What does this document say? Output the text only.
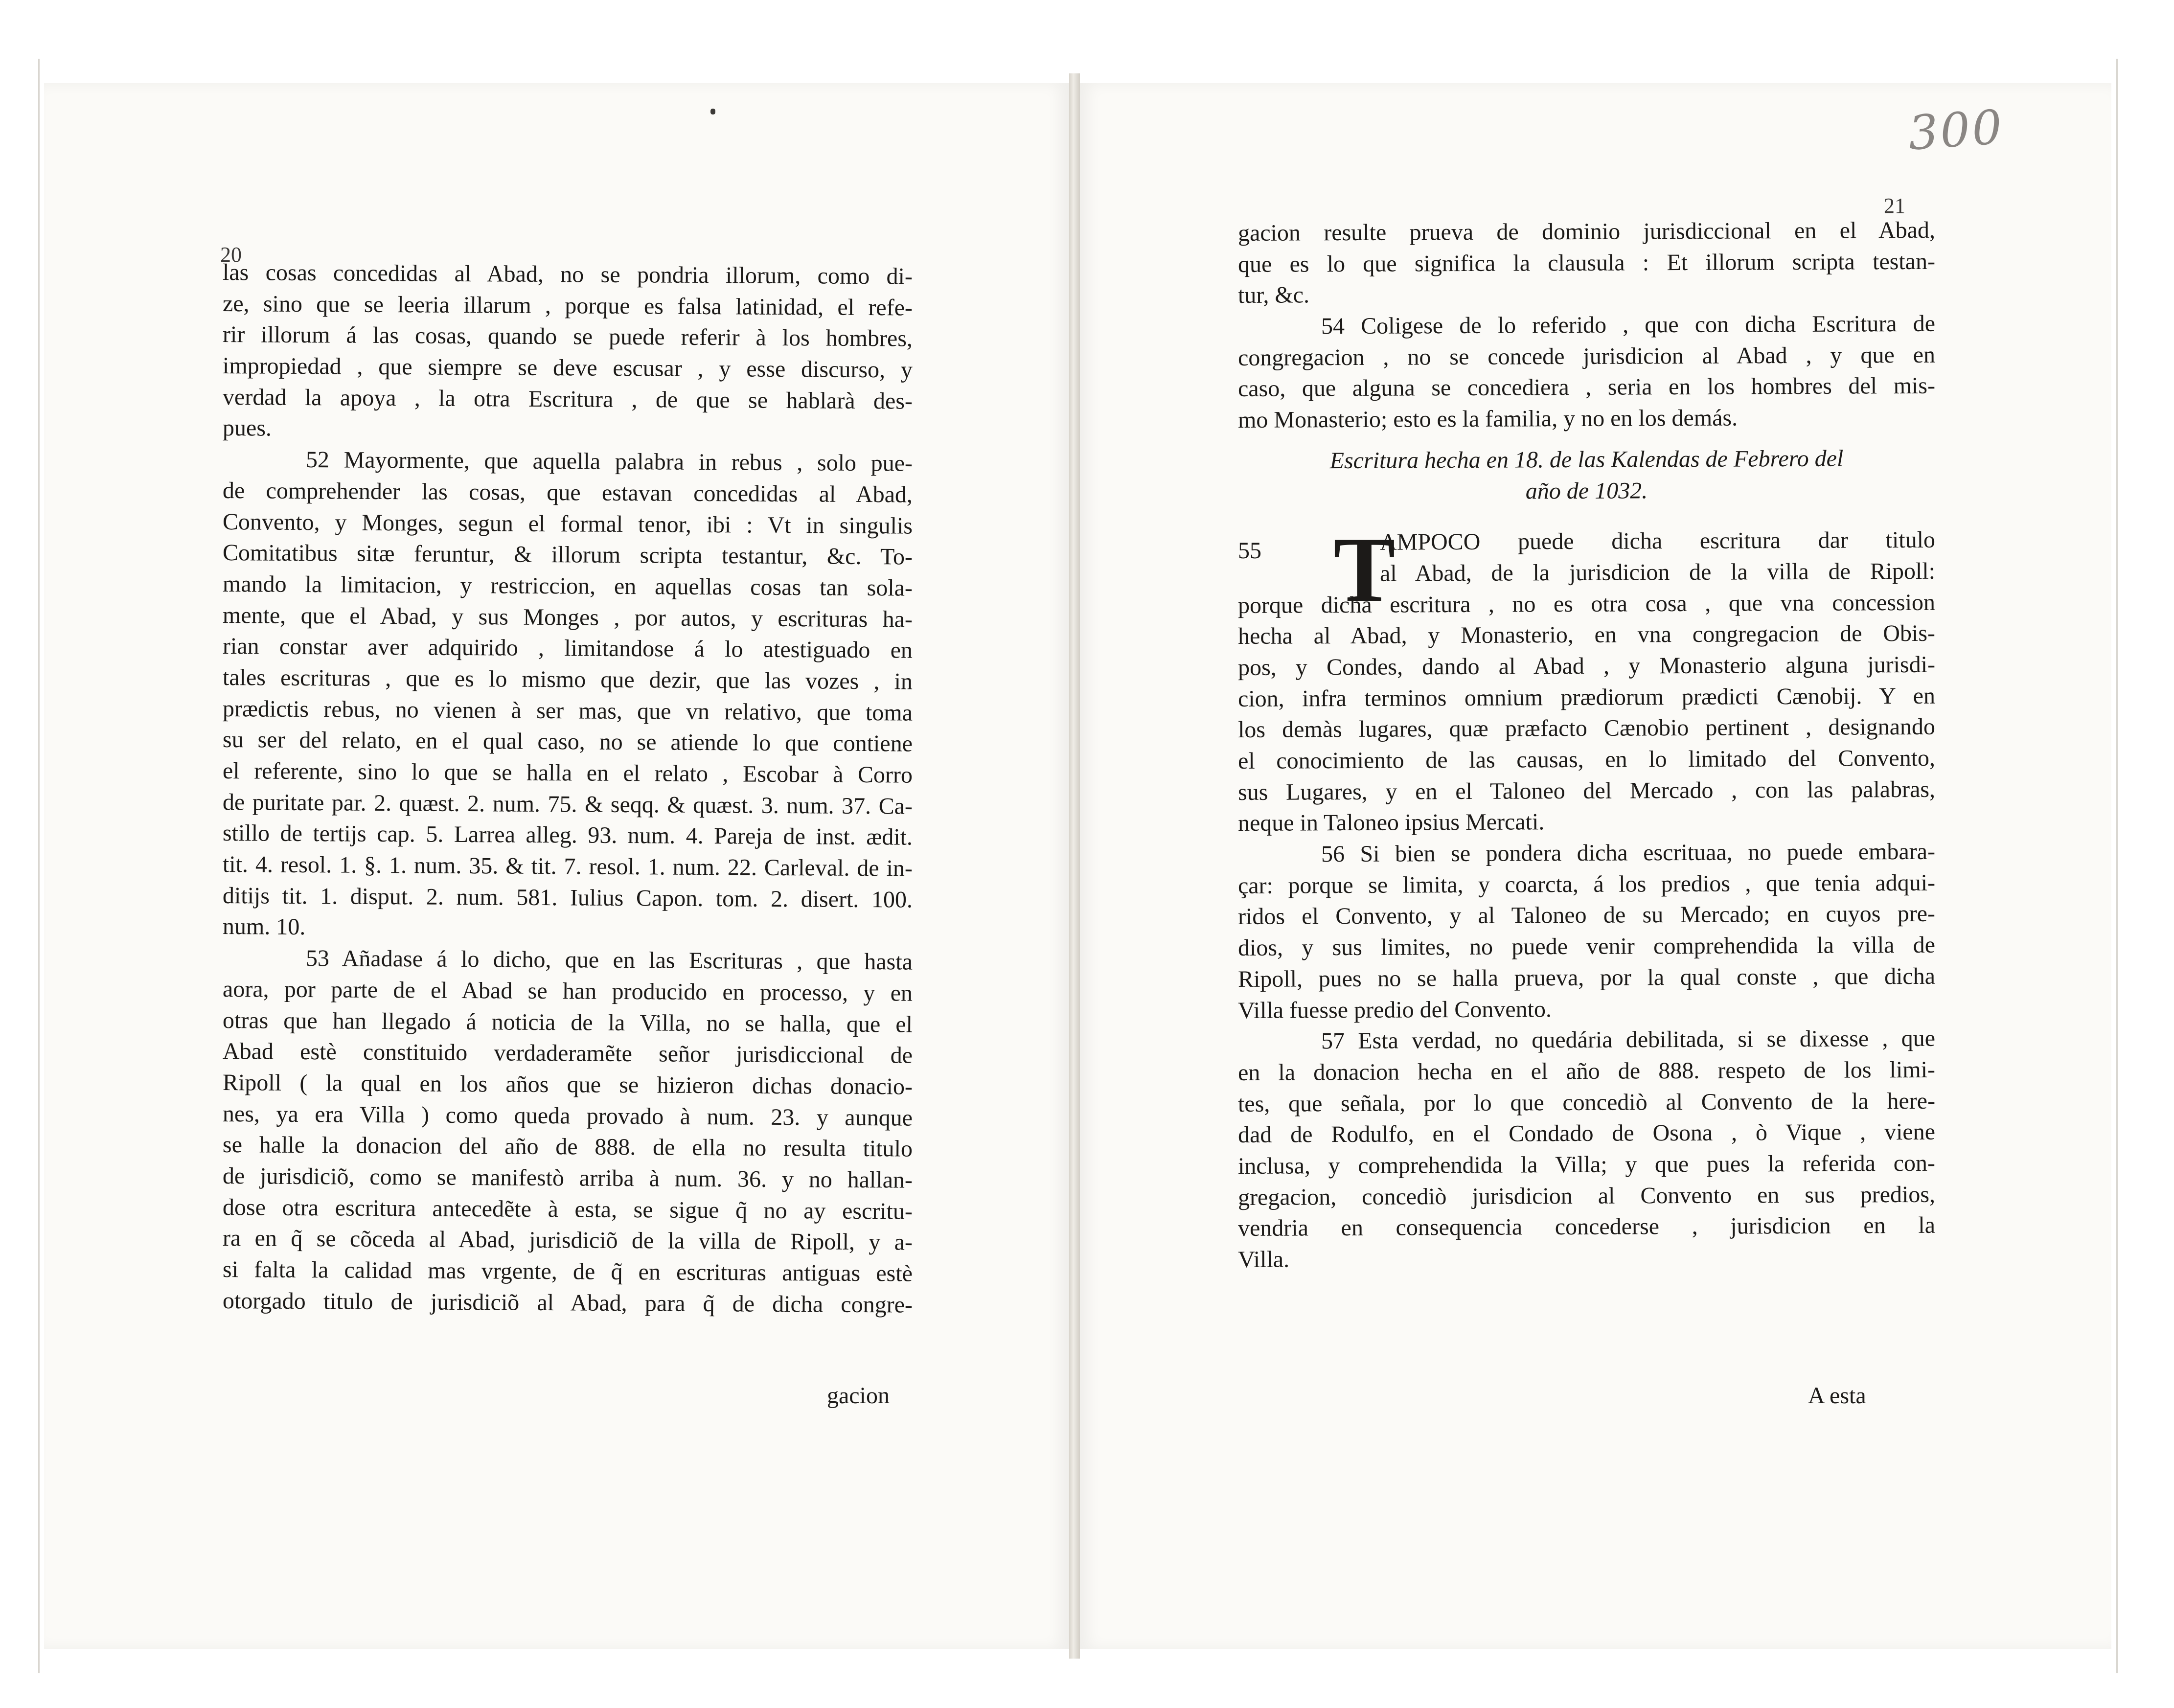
20
21
300
las cosas concedidas al Abad, no se pondria illorum, como di-
ze, sino que se leeria illarum , porque es falsa latinidad, el refe-
rir illorum á las cosas, quando se puede referir à los hombres,
impropiedad , que siempre se deve escusar , y esse discurso, y
verdad la apoya , la otra Escritura , de que se hablarà des-
pues.
52 Mayormente, que aquella palabra in rebus , solo pue-
de comprehender las cosas, que estavan concedidas al Abad,
Convento, y Monges, segun el formal tenor, ibi : Vt in singulis
Comitatibus sitæ feruntur, & illorum scripta testantur, &c. To-
mando la limitacion, y restriccion, en aquellas cosas tan sola-
mente, que el Abad, y sus Monges , por autos, y escrituras ha-
rian constar aver adquirido , limitandose á lo atestiguado en
tales escrituras , que es lo mismo que dezir, que las vozes , in
prædictis rebus, no vienen à ser mas, que vn relativo, que toma
su ser del relato, en el qual caso, no se atiende lo que contiene
el referente, sino lo que se halla en el relato , Escobar à Corro
de puritate par. 2. quæst. 2. num. 75. & seqq. & quæst. 3. num. 37. Ca-
stillo de tertijs cap. 5. Larrea alleg. 93. num. 4. Pareja de inst. ædit.
tit. 4. resol. 1. §. 1. num. 35. & tit. 7. resol. 1. num. 22. Carleval. de in-
ditijs tit. 1. disput. 2. num. 581. Iulius Capon. tom. 2. disert. 100.
num. 10.
53 Añadase á lo dicho, que en las Escrituras , que hasta
aora, por parte de el Abad se han producido en processo, y en
otras que han llegado á noticia de la Villa, no se halla, que el
Abad estè constituido verdaderamẽte señor jurisdiccional de
Ripoll ( la qual en los años que se hizieron dichas donacio-
nes, ya era Villa ) como queda provado à num. 23. y aunque
se halle la donacion del año de 888. de ella no resulta titulo
de jurisdiciõ, como se manifestò arriba à num. 36. y no hallan-
dose otra escritura antecedẽte à esta, se sigue q̃ no ay escritu-
ra en q̃ se cõceda al Abad, jurisdiciõ de la villa de Ripoll, y a-
si falta la calidad mas vrgente, de q̃ en escrituras antiguas estè
otorgado titulo de jurisdiciõ al Abad, para q̃ de dicha congre-
gacion
gacion resulte prueva de dominio jurisdiccional en el Abad,
que es lo que significa la clausula : Et illorum scripta testan-
tur, &c.
54 Coligese de lo referido , que con dicha Escritura de
congregacion , no se concede jurisdicion al Abad , y que en
caso, que alguna se concediera , seria en los hombres del mis-
mo Monasterio; esto es la familia, y no en los demás.
Escritura hecha en 18. de las Kalendas de Febrero del
año de 1032.
55 T
AMPOCO puede dicha escritura dar titulo
al Abad, de la jurisdicion de la villa de Ripoll:
porque dicha escritura , no es otra cosa , que vna concession
hecha al Abad, y Monasterio, en vna congregacion de Obis-
pos, y Condes, dando al Abad , y Monasterio alguna jurisdi-
cion, infra terminos omnium prædiorum prædicti Cænobij. Y en
los demàs lugares, quæ præfacto Cænobio pertinent , designando
el conocimiento de las causas, en lo limitado del Convento,
sus Lugares, y en el Taloneo del Mercado , con las palabras,
neque in Taloneo ipsius Mercati.
56 Si bien se pondera dicha escrituaa, no puede embara-
çar: porque se limita, y coarcta, á los predios , que tenia adqui-
ridos el Convento, y al Taloneo de su Mercado; en cuyos pre-
dios, y sus limites, no puede venir comprehendida la villa de
Ripoll, pues no se halla prueva, por la qual conste , que dicha
Villa fuesse predio del Convento.
57 Esta verdad, no quedária debilitada, si se dixesse , que
en la donacion hecha en el año de 888. respeto de los limi-
tes, que señala, por lo que concediò al Convento de la here-
dad de Rodulfo, en el Condado de Osona , ò Vique , viene
inclusa, y comprehendida la Villa; y que pues la referida con-
gregacion, concediò jurisdicion al Convento en sus predios,
vendria en consequencia concederse , jurisdicion en la
Villa.
A esta
